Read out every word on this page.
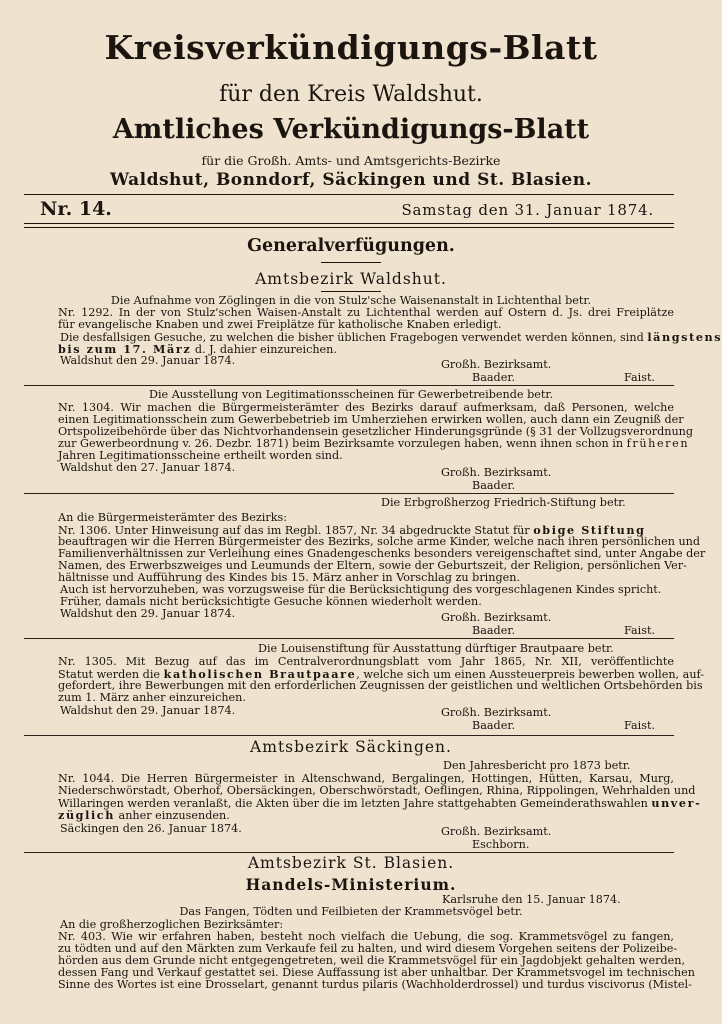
Kreisverkündigungs-Blatt
für den Kreis Waldshut.
Amtliches Verkündigungs-Blatt
für die Großh. Amts- und Amtsgerichts-Bezirke
Waldshut, Bonndorf, Säckingen und St. Blasien.
Nr. 14.	Samstag den 31. Januar 1874.
Generalverfügungen.
Amtsbezirk Waldshut.
Die Aufnahme von Zöglingen in die von Stulz'sche Waisenanstalt in Lichtenthal betr.
Nr. 1292. In der von Stulz'schen Waisen-Anstalt zu Lichtenthal werden auf Ostern d. Js. drei Freiplätze
für evangelische Knaben und zwei Freiplätze für katholische Knaben erledigt.
Die desfallsigen Gesuche, zu welchen die bisher üblichen Fragebogen verwendet werden können, sind längstens
bis zum 17. März d. J. dahier einzureichen.
Waldshut den 29. Januar 1874.	Großh. Bezirksamt.
Baader.	Faist.
Die Ausstellung von Legitimationsscheinen für Gewerbetreibende betr.
Nr. 1304. Wir machen die Bürgermeisterämter des Bezirks darauf aufmerksam, daß Personen, welche
einen Legitimationsschein zum Gewerbebetrieb im Umherziehen erwirken wollen, auch dann ein Zeugniß der
Ortspolizeibehörde über das Nichtvorhandensein gesetzlicher Hinderungsgründe (§ 31 der Vollzugsverordnung
zur Gewerbeordnung v. 26. Dezbr. 1871) beim Bezirksamte vorzulegen haben, wenn ihnen schon in früheren
Jahren Legitimationsscheine ertheilt worden sind.
Waldshut den 27. Januar 1874.	Großh. Bezirksamt.
Baader.
Die Erbgroßherzog Friedrich-Stiftung betr.
An die Bürgermeisterämter des Bezirks:
Nr. 1306. Unter Hinweisung auf das im Regbl. 1857, Nr. 34 abgedruckte Statut für obige Stiftung
beauftragen wir die Herren Bürgermeister des Bezirks, solche arme Kinder, welche nach ihren persönlichen und
Familienverhältnissen zur Verleihung eines Gnadengeschenks besonders vereigenschaftet sind, unter Angabe der
Namen, des Erwerbszweiges und Leumunds der Eltern, sowie der Geburtszeit, der Religion, persönlichen Ver-
hältnisse und Aufführung des Kindes bis 15. März anher in Vorschlag zu bringen.
Auch ist hervorzuheben, was vorzugsweise für die Berücksichtigung des vorgeschlagenen Kindes spricht.
Früher, damals nicht berücksichtigte Gesuche können wiederholt werden.
Waldshut den 29. Januar 1874.	Großh. Bezirksamt.
Baader.	Faist.
Die Louisenstiftung für Ausstattung dürftiger Brautpaare betr.
Nr. 1305. Mit Bezug auf das im Centralverordnungsblatt vom Jahr 1865, Nr. XII, veröffentlichte
Statut werden die katholischen Brautpaare, welche sich um einen Aussteuerpreis bewerben wollen, auf-
gefordert, ihre Bewerbungen mit den erforderlichen Zeugnissen der geistlichen und weltlichen Ortsbehörden bis
zum 1. März anher einzureichen.
Waldshut den 29. Januar 1874.	Großh. Bezirksamt.
Baader.	Faist.
Amtsbezirk Säckingen.
Den Jahresbericht pro 1873 betr.
Nr. 1044. Die Herren Bürgermeister in Altenschwand, Bergalingen, Hottingen, Hütten, Karsau, Murg,
Niederschwörstadt, Oberhof, Obersäckingen, Oberschwörstadt, Oeflingen, Rhina, Rippolingen, Wehrhalden und
Willaringen werden veranlaßt, die Akten über die im letzten Jahre stattgehabten Gemeinderathswahlen unver-
züglich anher einzusenden.
Säckingen den 26. Januar 1874.	Großh. Bezirksamt.
Eschborn.
Amtsbezirk St. Blasien.
Handels-Ministerium.
Karlsruhe den 15. Januar 1874.
Das Fangen, Tödten und Feilbieten der Krammetsvögel betr.
An die großherzoglichen Bezirksämter:
Nr. 403. Wie wir erfahren haben, besteht noch vielfach die Uebung, die sog. Krammetsvögel zu fangen,
zu tödten und auf den Märkten zum Verkaufe feil zu halten, und wird diesem Vorgehen seitens der Polizeibe-
hörden aus dem Grunde nicht entgegengetreten, weil die Krammetsvögel für ein Jagdobjekt gehalten werden,
dessen Fang und Verkauf gestattet sei. Diese Auffassung ist aber unhaltbar. Der Krammetsvogel im technischen
Sinne des Wortes ist eine Drosselart, genannt turdus pilaris (Wachholderdrossel) und turdus viscivorus (Mistel-
